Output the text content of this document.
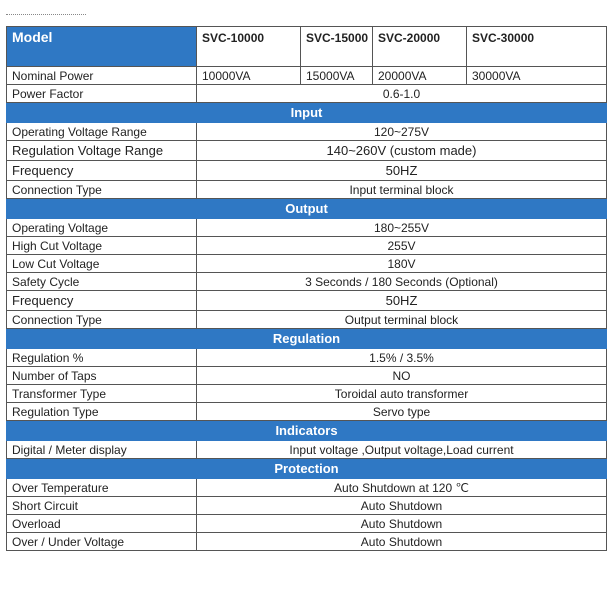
Model	SVC-10000	SVC-15000	SVC-20000	SVC-30000
Nominal Power	10000VA	15000VA	20000VA	30000VA
Power Factor	0.6-1.0			
Input				
Operating Voltage Range	120~275V			
Regulation Voltage Range	140~260V (custom made)			
Frequency	50HZ			
Connection Type	Input terminal block			
Output				
Operating Voltage	180~255V			
High Cut Voltage	255V			
Low Cut Voltage	180V			
Safety Cycle	3 Seconds / 180 Seconds (Optional)			
Frequency	50HZ			
Connection Type	Output terminal block			
Regulation				
Regulation %	1.5% / 3.5%			
Number of Taps	NO			
Transformer Type	Toroidal auto transformer			
Regulation Type	Servo type			
Indicators				
Digital / Meter display	Input voltage ,Output voltage,Load current			
Protection				
Over Temperature	Auto Shutdown at 120 ℃			
Short Circuit	Auto Shutdown			
Overload	Auto Shutdown			
Over / Under Voltage	Auto Shutdown			
